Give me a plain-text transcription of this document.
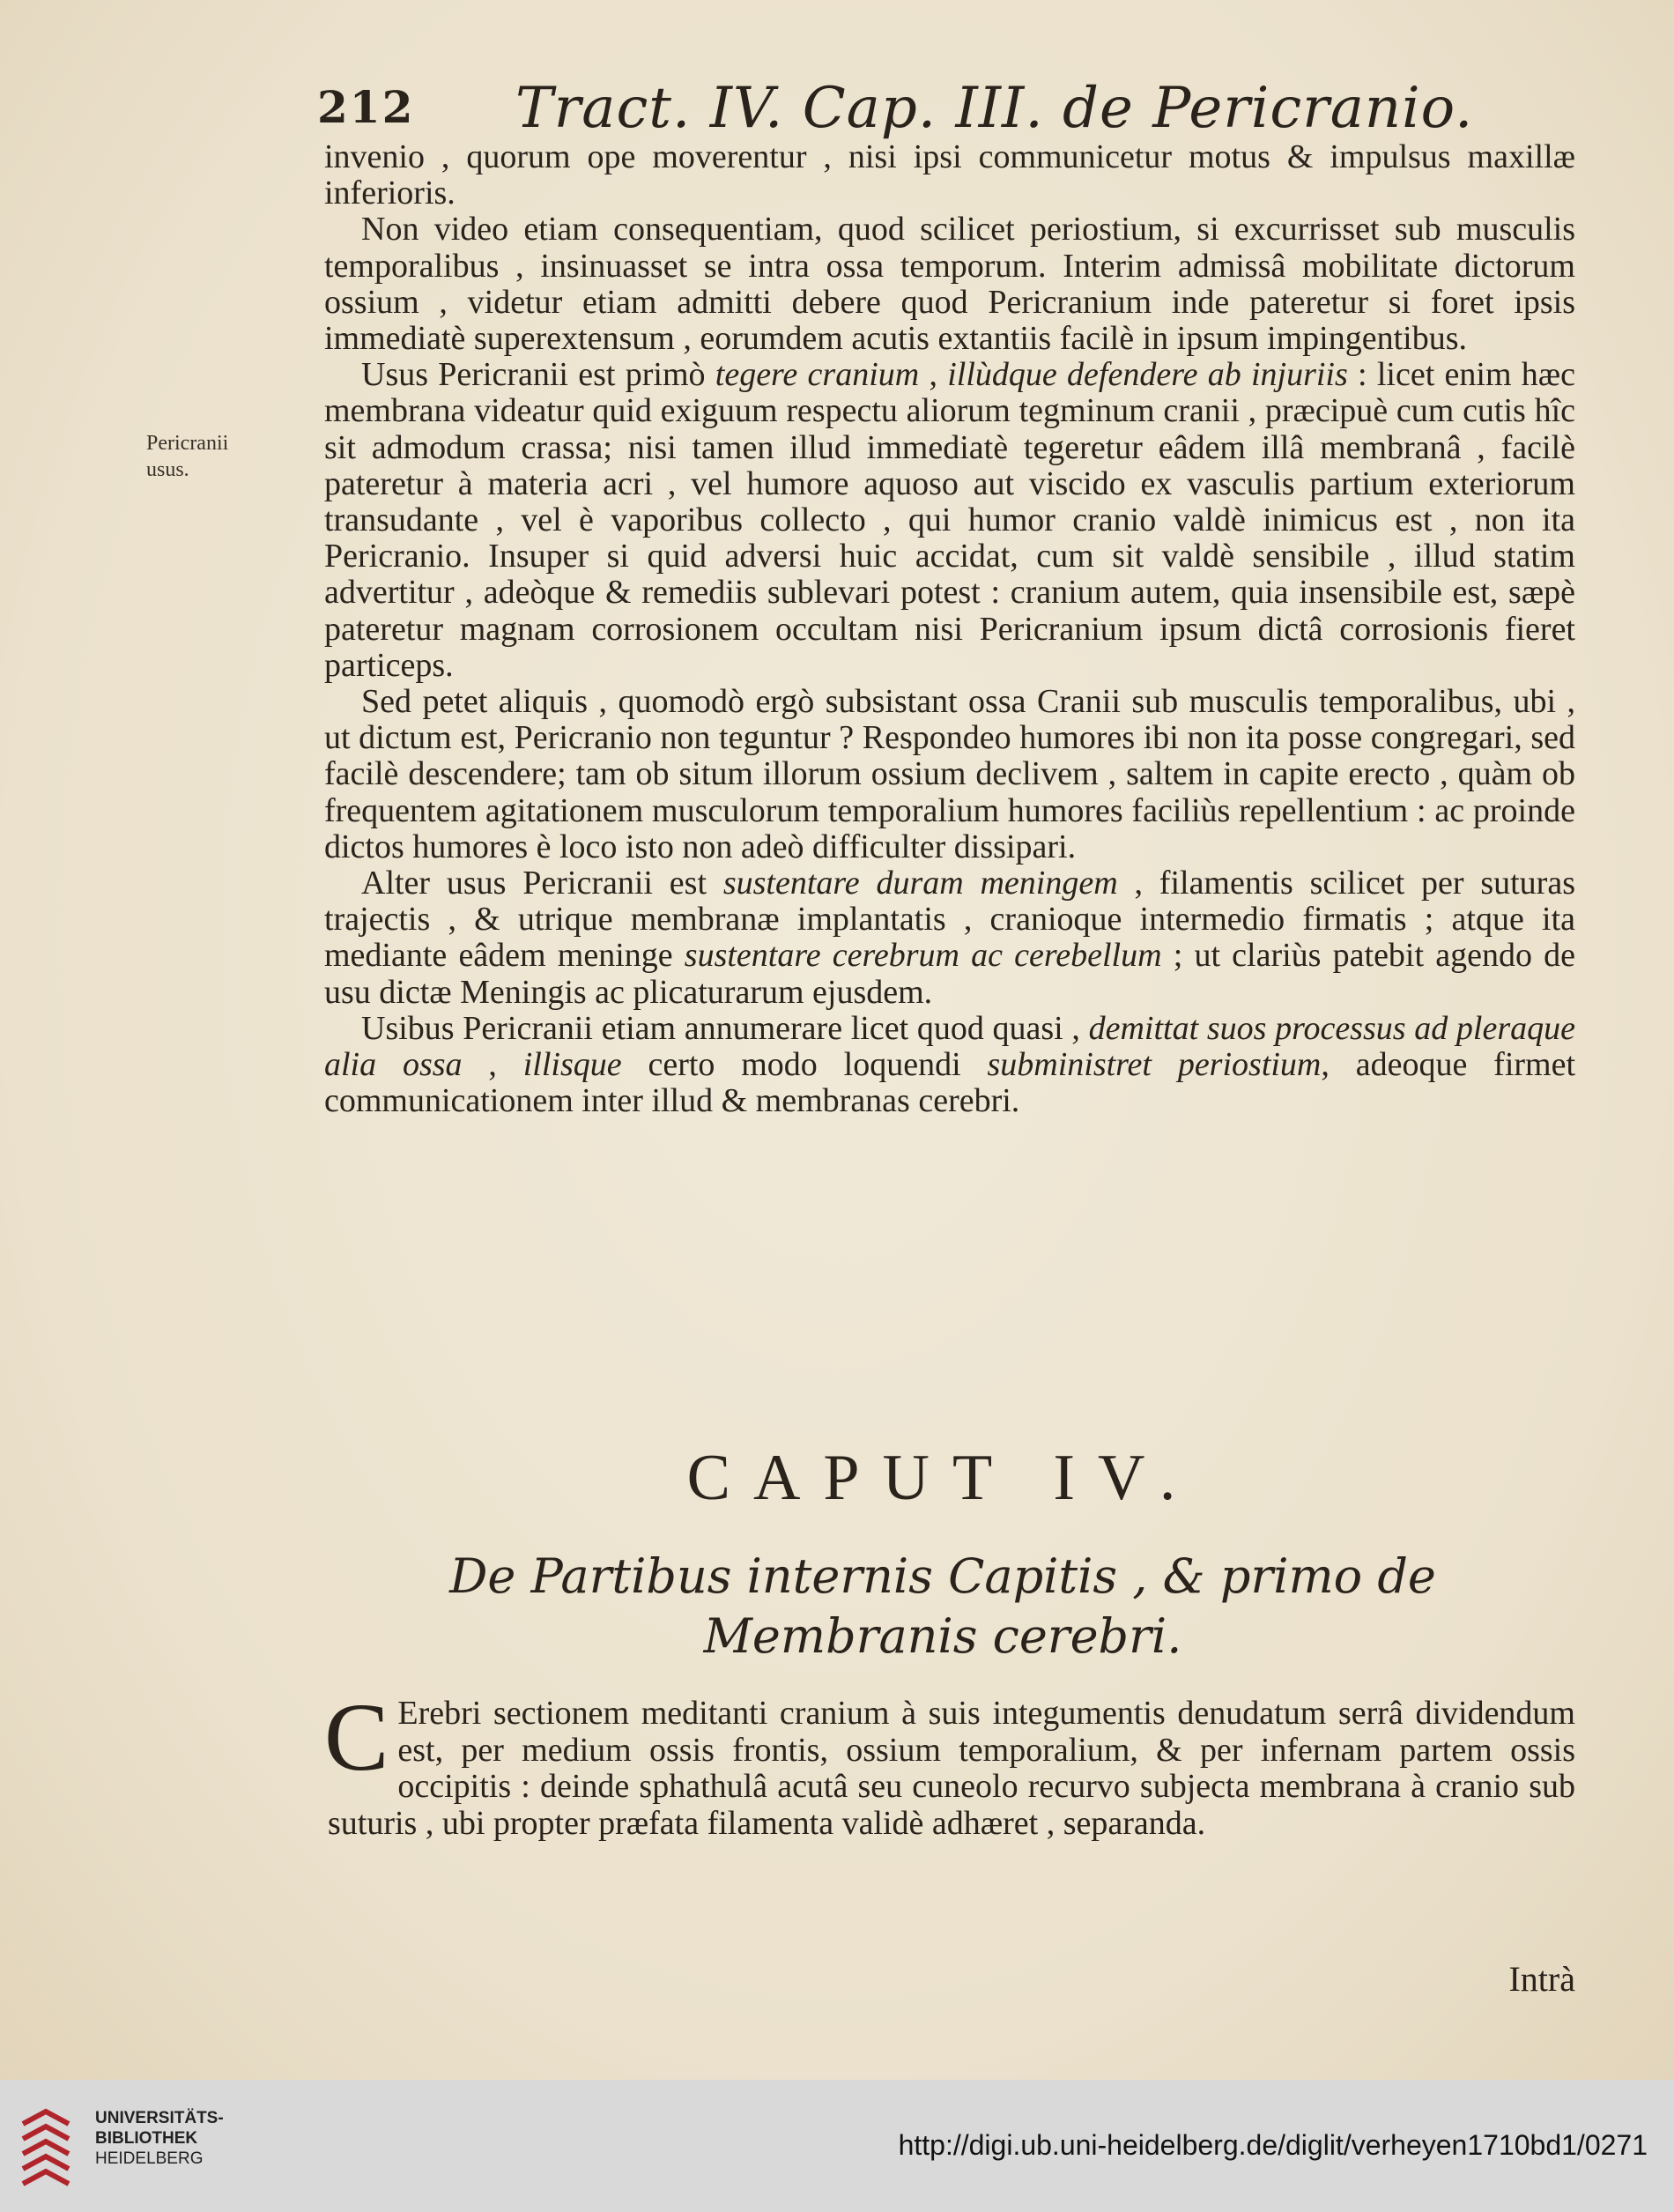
212 Tract. IV. Cap. III. de Pericranio.
Pericranii
usus.

invenio , quorum ope moverentur , nisi ipsi communicetur motus & impulsus maxillæ inferioris.

Non video etiam consequentiam, quod scilicet periostium, si excurrisset sub musculis temporalibus , insinuasset se intra ossa temporum. Interim admissâ mobilitate dictorum ossium , videtur etiam admitti debere quod Pericranium inde pateretur si foret ipsis immediatè superextensum , eorumdem acutis extantiis facilè in ipsum impingentibus.

Usus Pericranii est primò tegere cranium , illùdque defendere ab injuriis : licet enim hæc membrana videatur quid exiguum respectu aliorum tegminum cranii , præcipuè cum cutis hîc sit admodum crassa; nisi tamen illud immediatè tegeretur eâdem illâ membranâ , facilè pateretur à materia acri , vel humore aquoso aut viscido ex vasculis partium exteriorum transudante , vel è vaporibus collecto , qui humor cranio valdè inimicus est , non ita Pericranio. Insuper si quid adversi huic accidat, cum sit valdè sensibile , illud statim advertitur , adeòque & remediis sublevari potest : cranium autem, quia insensibile est, sæpè pateretur magnam corrosionem occultam nisi Pericranium ipsum dictâ corrosionis fieret particeps.

Sed petet aliquis , quomodò ergò subsistant ossa Cranii sub musculis temporalibus, ubi , ut dictum est, Pericranio non teguntur ? Respondeo humores ibi non ita posse congregari, sed facilè descendere; tam ob situm illorum ossium declivem , saltem in capite erecto , quàm ob frequentem agitationem musculorum temporalium humores faciliùs repellentium : ac proinde dictos humores è loco isto non adeò difficulter dissipari.

Alter usus Pericranii est sustentare duram meningem , filamentis scilicet per suturas trajectis , & utrique membranæ implantatis , cranioque intermedio firmatis ; atque ita mediante eâdem meninge sustentare cerebrum ac cerebellum ; ut clariùs patebit agendo de usu dictæ Meningis ac plicaturarum ejusdem.

Usibus Pericranii etiam annumerare licet quod quasi , demittat suos processus ad pleraque alia ossa , illisque certo modo loquendi subministret periostium, adeoque firmet communicationem inter illud & membranas cerebri.

CAPUT IV.
De Partibus internis Capitis , & primo de
Membranis cerebri.
C Erebri sectionem meditanti cranium à suis integumentis denudatum serrâ dividendum est, per medium ossis frontis, ossium temporalium, & per infernam partem ossis occipitis : deinde sphathulâ acutâ seu cuneolo recurvo subjecta membrana à cranio sub suturis , ubi propter præfata filamenta validè adhæret , separanda.
Intrà
UNIVERSITÄTS-
BIBLIOTHEK
HEIDELBERG	http://digi.ub.uni-heidelberg.de/diglit/verheyen1710bd1/0271
